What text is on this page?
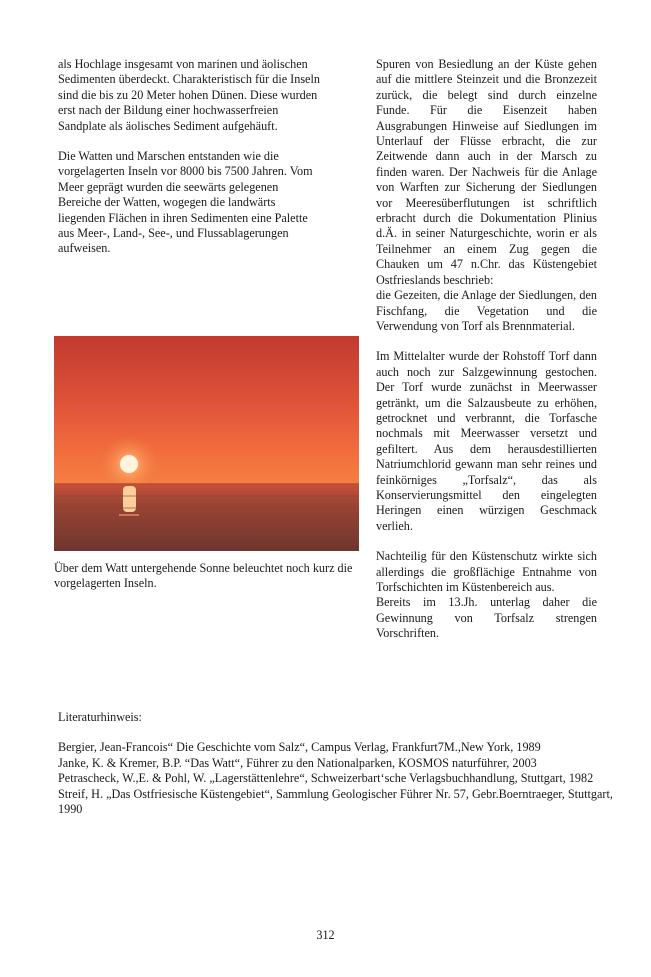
als Hochlage insgesamt von marinen und äolischen Sedimenten überdeckt. Charakteristisch für die Inseln sind die bis zu 20 Meter hohen Dünen. Diese wurden erst nach der Bildung einer hochwasserfreien Sandplate als äolisches Sediment aufgehäuft.

Die Watten und Marschen entstanden wie die vorgelagerten Inseln vor 8000 bis 7500 Jahren. Vom Meer geprägt wurden die seewärts gelegenen Bereiche der Watten, wogegen die landwärts liegenden Flächen in ihren Sedimenten eine Palette aus Meer-, Land-, See-, und Flussablagerungen aufweisen.

Über dem Watt untergehende Sonne beleuchtet noch kurz die vorgelagerten Inseln.

Spuren von Besiedlung an der Küste gehen auf die mittlere Steinzeit und die Bronzezeit zurück, die belegt sind durch einzelne Funde. Für die Eisenzeit haben Ausgrabungen Hinweise auf Siedlungen im Unterlauf der Flüsse erbracht, die zur Zeitwende dann auch in der Marsch zu finden waren. Der Nachweis für die Anlage von Warften zur Sicherung der Siedlungen vor Meeresüberflutungen ist schriftlich erbracht durch die Dokumentation Plinius d.Ä. in seiner Naturgeschichte, worin er als Teilnehmer an einem Zug gegen die Chauken um 47 n.Chr. das Küstengebiet Ostfrieslands beschrieb:

die Gezeiten, die Anlage der Siedlungen, den Fischfang, die Vegetation und die Verwendung von Torf als Brennmaterial.

Im Mittelalter wurde der Rohstoff Torf dann auch noch zur Salzgewinnung gestochen. Der Torf wurde zunächst in Meerwasser getränkt, um die Salzausbeute zu erhöhen, getrocknet und verbrannt, die Torfasche nochmals mit Meerwasser versetzt und gefiltert. Aus dem herausdestillierten Natriumchlorid gewann man sehr reines und feinkörniges „Torfsalz“, das als Konservierungsmittel den eingelegten Heringen einen würzigen Geschmack verlieh.

Nachteilig für den Küstenschutz wirkte sich allerdings die großflächige Entnahme von Torfschichten im Küstenbereich aus.

Bereits im 13.Jh. unterlag daher die Gewinnung von Torfsalz strengen Vorschriften.

Literaturhinweis:

Bergier, Jean-Francois“ Die Geschichte vom Salz“, Campus Verlag, Frankfurt7M.,New York, 1989

Janke, K. & Kremer, B.P. “Das Watt“, Führer zu den Nationalparken, KOSMOS naturführer, 2003

Petrascheck, W.,E. & Pohl, W. „Lagerstättenlehre“, Schweizerbart‘sche Verlagsbuchhandlung, Stuttgart, 1982

Streif, H. „Das Ostfriesische Küstengebiet“, Sammlung Geologischer Führer Nr. 57, Gebr.Boerntraeger, Stuttgart, 1990

312
